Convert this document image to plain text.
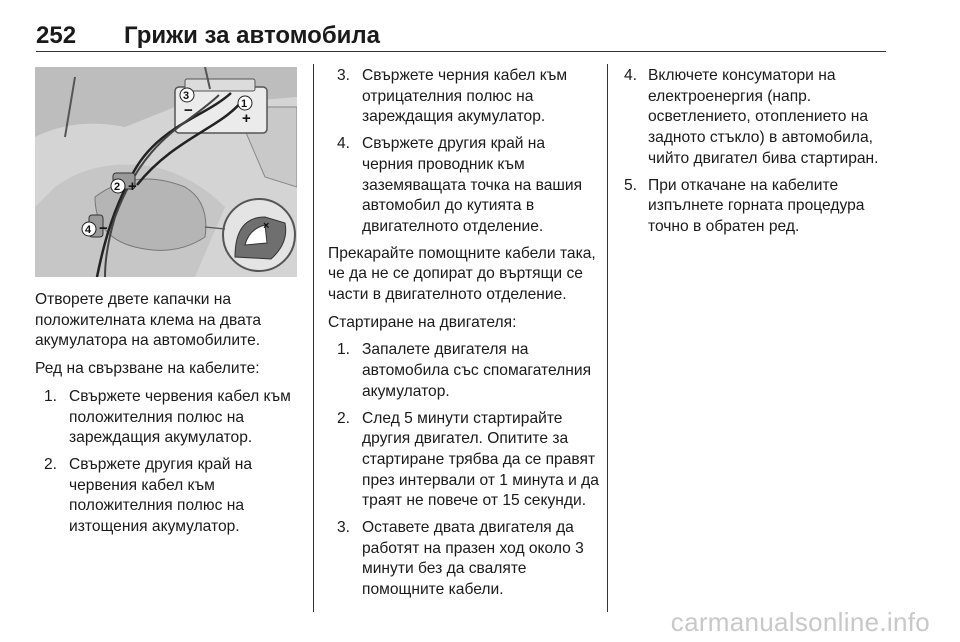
252 Грижи за автомобила
×
1
+
3
−
2 +
4 −

Отворете двете капачки на положителната клема на двата акумулатора на автомобилите.

Ред на свързване на кабелите:

1. Свържете червения кабел към положителния полюс на зареждащия акумулатор.
2. Свържете другия край на червения кабел към положителния полюс на изтощения акумулатор.
3. Свържете черния кабел към отрицателния полюс на зареждащия акумулатор.
4. Свържете другия край на черния проводник към заземяващата точка на вашия автомобил до кутията в двигателното отделение.

Прекарайте помощните кабели така, че да не се допират до въртящи се части в двигателното отделение.

Стартиране на двигателя:

1. Запалете двигателя на автомобила със спомагателния акумулатор.
2. След 5 минути стартирайте другия двигател. Опитите за стартиране трябва да се правят през интервали от 1 минута и да траят не повече от 15 секунди.
3. Оставете двата двигателя да работят на празен ход около 3 минути без да сваляте помощните кабели.
4. Включете консуматори на електроенергия (напр. осветлението, отоплението на задното стъкло) в автомобила, чийто двигател бива стартиран.
5. При откачане на кабелите изпълнете горната процедура точно в обратен ред.
carmanualsonline.info
